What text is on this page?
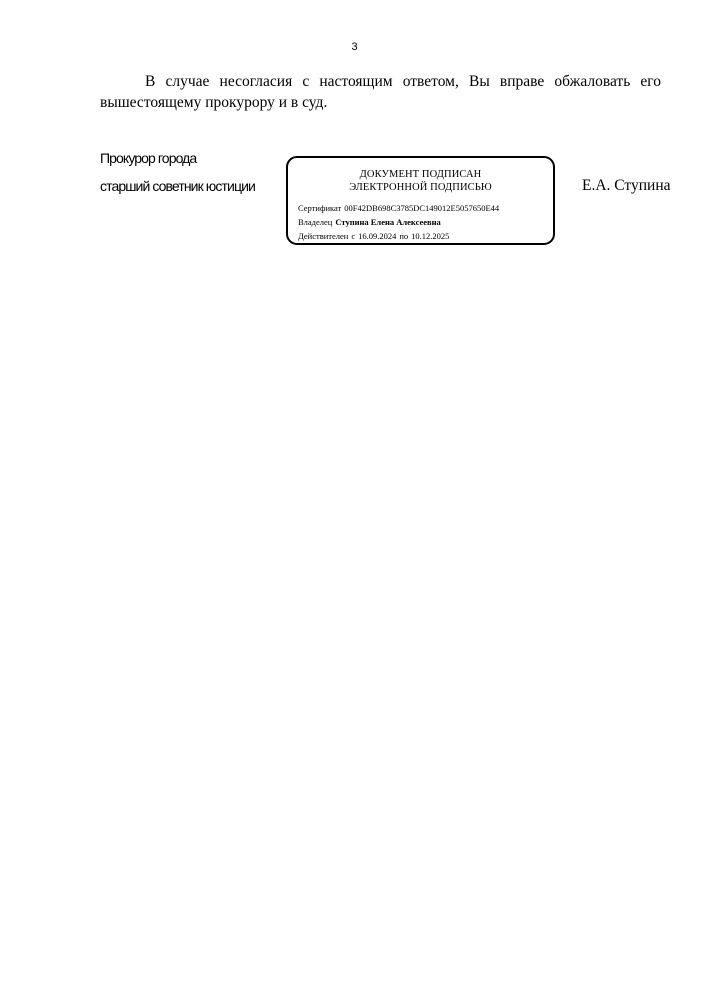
3

В случае несогласия с настоящим ответом, Вы вправе обжаловать его вышестоящему прокурору и в суд.

Прокурор города
старший советник юстиции
ДОКУМЕНТ ПОДПИСАН
ЭЛЕКТРОННОЙ ПОДПИСЬЮ
Сертификат 00F42DB698C3785DC149012E5057650E44
Владелец Ступина Елена Алексеевна
Действителен с 16.09.2024 по 10.12.2025
Е.А. Ступина
